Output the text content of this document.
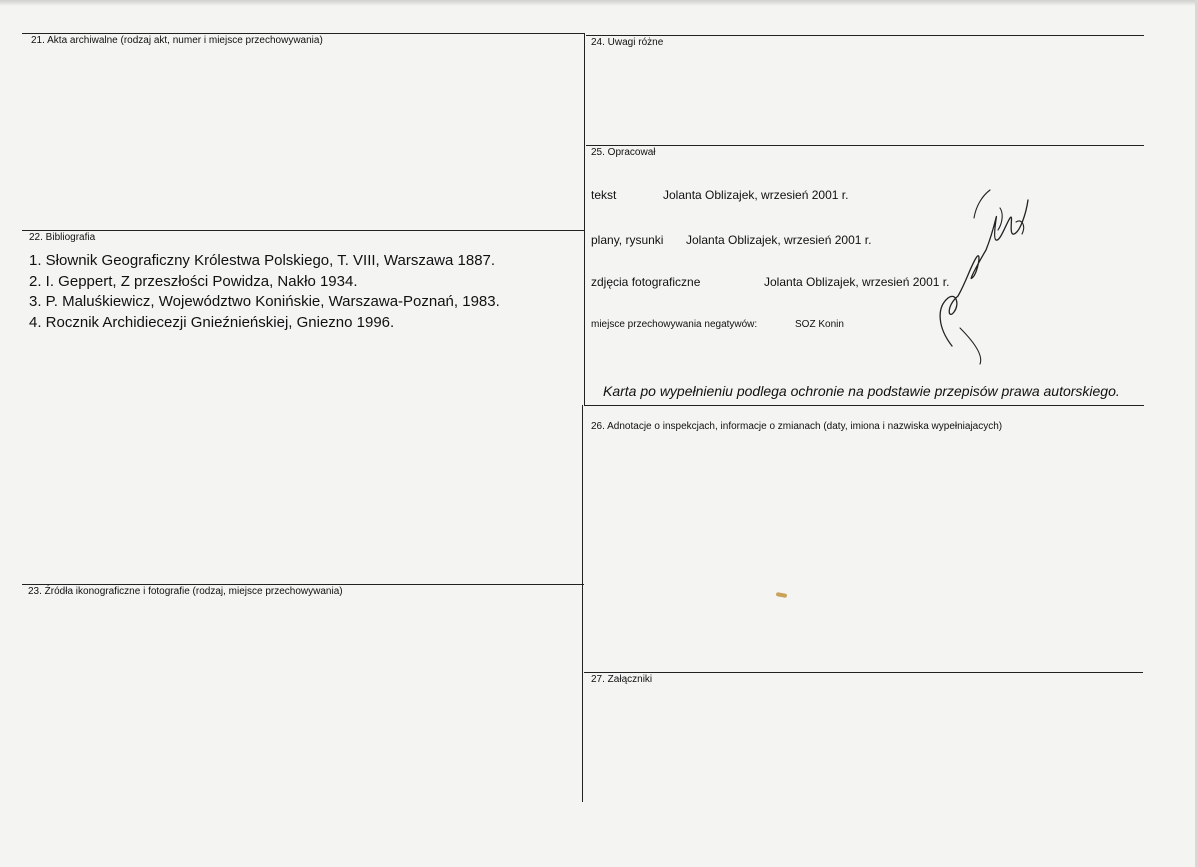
21. Akta archiwalne (rodzaj akt, numer i miejsce przechowywania)
22. Bibliografia
23. Źródła ikonograficzne i fotografie (rodzaj, miejsce przechowywania)
24. Uwagi różne
25. Opracował
26. Adnotacje o inspekcjach, informacje o zmianach (daty, imiona i nazwiska wypełniajacych)
27. Załączniki
1. Słownik Geograficzny Królestwa Polskiego, T. VIII, Warszawa 1887.
2. I. Geppert, Z przeszłości Powidza, Nakło 1934.
3. P. Maluśkiewicz, Województwo Konińskie, Warszawa-Poznań, 1983.
4. Rocznik Archidiecezji Gnieźnieńskiej, Gniezno 1996.
tekst	Jolanta Oblizajek, wrzesień 2001 r.
plany, rysunki Jolanta Oblizajek, wrzesień 2001 r.
zdjęcia fotograficzne	Jolanta Oblizajek, wrzesień 2001 r.
miejsce przechowywania negatywów:	SOZ Konin
Karta po wypełnieniu podlega ochronie na podstawie przepisów prawa autorskiego.
